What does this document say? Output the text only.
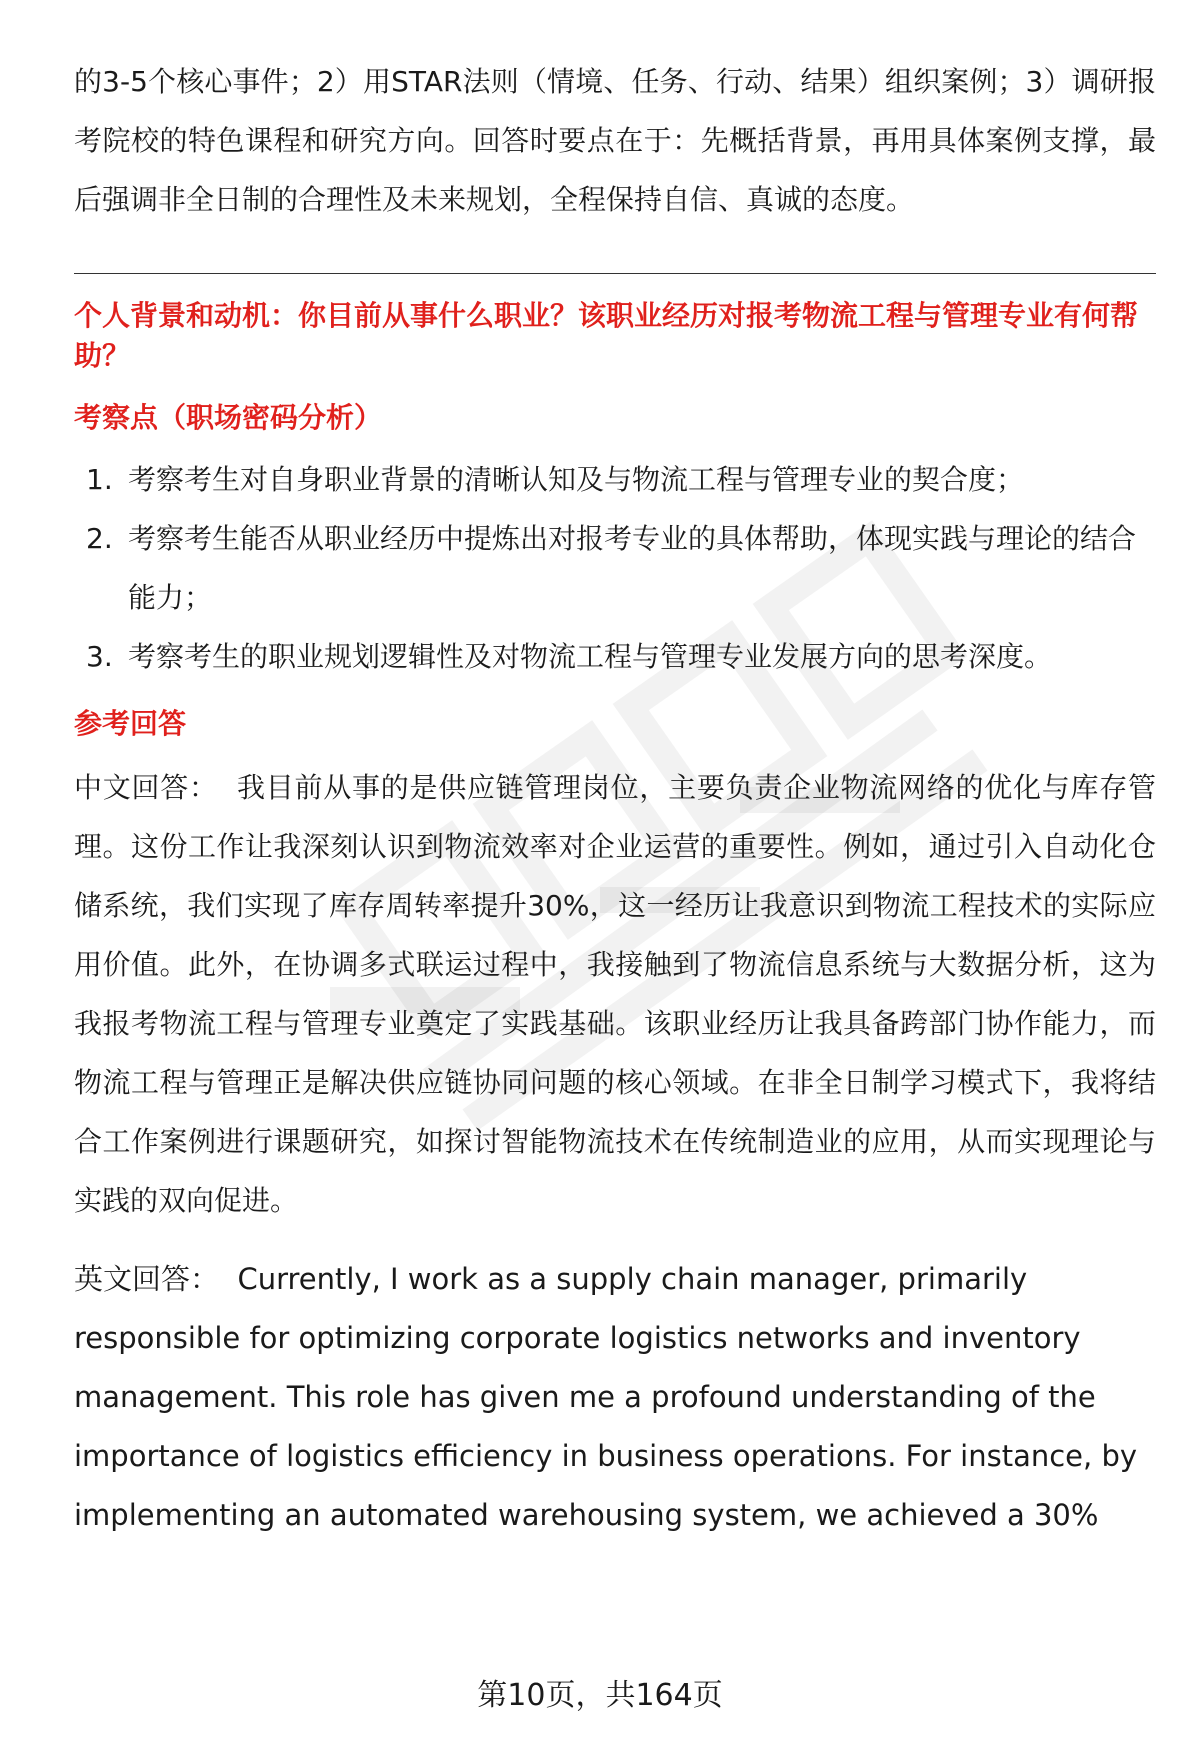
的3-5个核心事件；2）用STAR法则（情境、任务、行动、结果）组织案例；3）调研报考院校的特色课程和研究方向。回答时要点在于：先概括背景，再用具体案例支撑，最后强调非全日制的合理性及未来规划，全程保持自信、真诚的态度。

个人背景和动机：你目前从事什么职业？该职业经历对报考物流工程与管理专业有何帮助？

考察点（职场密码分析）

1. 考察考生对自身职业背景的清晰认知及与物流工程与管理专业的契合度；
2. 考察考生能否从职业经历中提炼出对报考专业的具体帮助，体现实践与理论的结合能力；
3. 考察考生的职业规划逻辑性及对物流工程与管理专业发展方向的思考深度。

参考回答

中文回答： 我目前从事的是供应链管理岗位，主要负责企业物流网络的优化与库存管理。这份工作让我深刻认识到物流效率对企业运营的重要性。例如，通过引入自动化仓储系统，我们实现了库存周转率提升30%，这一经历让我意识到物流工程技术的实际应用价值。此外，在协调多式联运过程中，我接触到了物流信息系统与大数据分析，这为我报考物流工程与管理专业奠定了实践基础。该职业经历让我具备跨部门协作能力，而物流工程与管理正是解决供应链协同问题的核心领域。在非全日制学习模式下，我将结合工作案例进行课题研究，如探讨智能物流技术在传统制造业的应用，从而实现理论与实践的双向促进。

英文回答： Currently, I work as a supply chain manager, primarily responsible for optimizing corporate logistics networks and inventory management. This role has given me a profound understanding of the importance of logistics efficiency in business operations. For instance, by implementing an automated warehousing system, we achieved a 30%

第10页，共164页
